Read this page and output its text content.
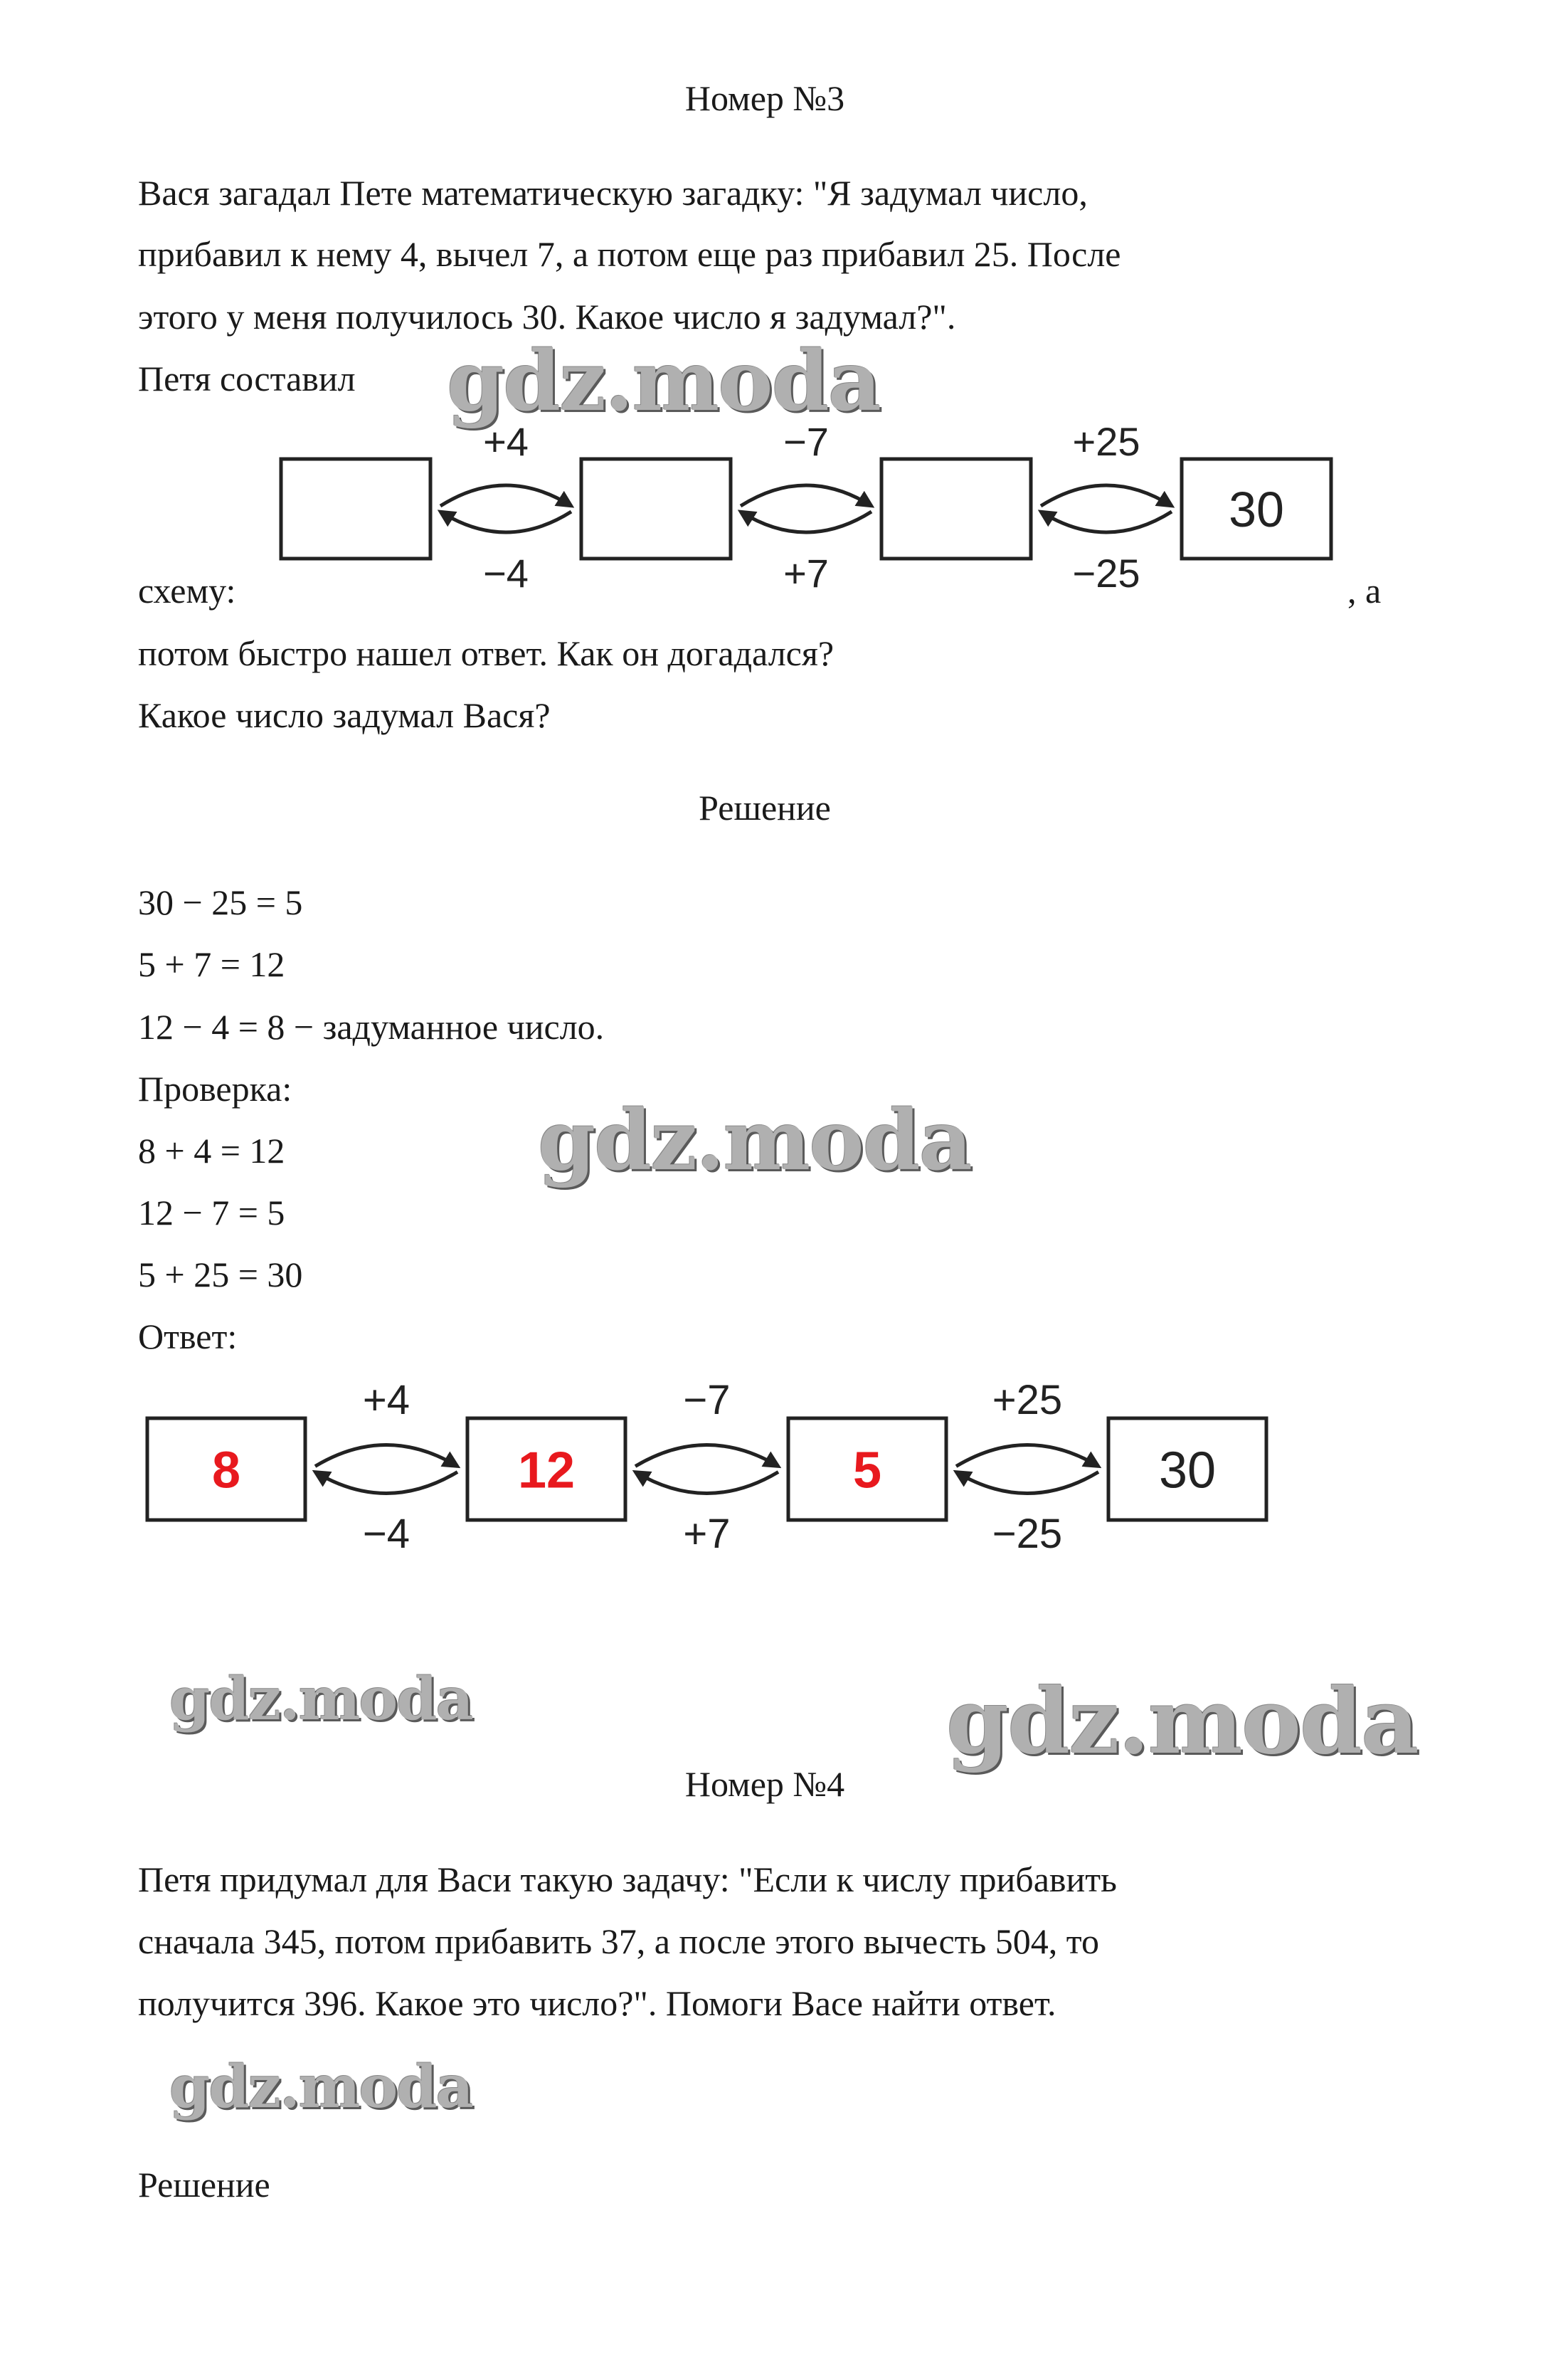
Номер №3
Вася загадал Пете математическую загадку: "Я задумал число,
прибавил к нему 4, вычел 7, а потом еще раз прибавил 25. После
этого у меня получилось 30. Какое число я задумал?".
Петя составил gdz.moda
30
+4
−4
−7
+7
+25
−25
схему:	, а
потом быстро нашел ответ. Как он догадался?
Какое число задумал Вася?
Решение
30 − 25 = 5
5 + 7 = 12
12 − 4 = 8 − задуманное число.
Проверка:
8 + 4 = 12
12 − 7 = 5
5 + 25 = 30
Ответ:
gdz.moda
8	12	5	30
+4
−4
−7
+7
+25
−25
gdz.moda	gdz.moda
Номер №4
Петя придумал для Васи такую задачу: "Если к числу прибавить
сначала 345, потом прибавить 37, а после этого вычесть 504, то
получится 396. Какое это число?". Помоги Васе найти ответ.
gdz.moda
Решение
